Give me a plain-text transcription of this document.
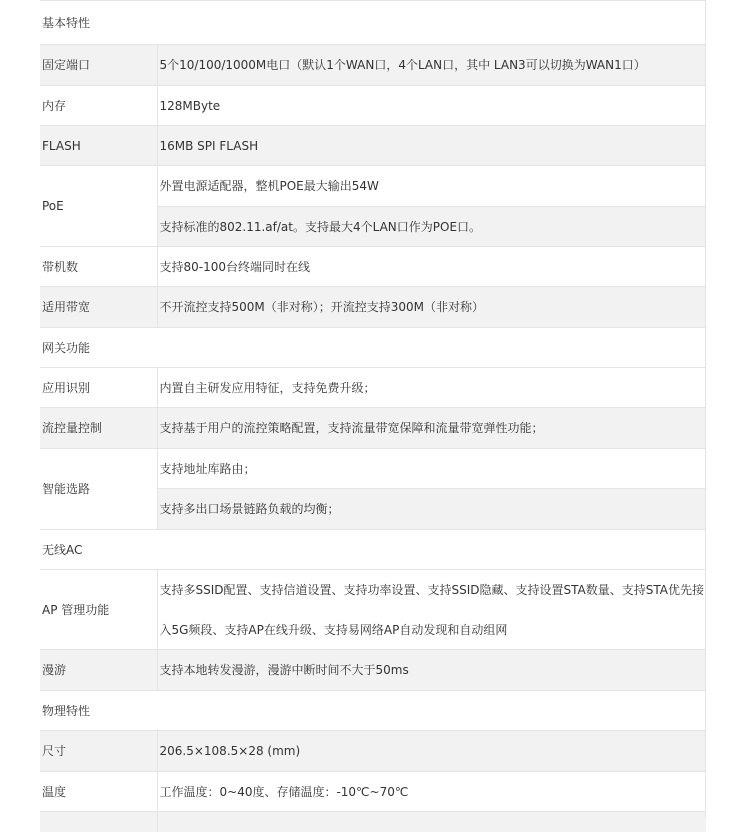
基本特性	
固定端口	5个10/100/1000M电口（默认1个WAN口，4个LAN口，其中 LAN3可以切换为WAN1口）
内存	128MByte
FLASH	16MB SPI FLASH
PoE	外置电源适配器，整机POE最大输出54W
	支持标准的802.11.af/at。支持最大4个LAN口作为POE口。
带机数	支持80-100台终端同时在线
适用带宽	不开流控支持500M（非对称）；开流控支持300M（非对称）
网关功能	
应用识别	内置自主研发应用特征，支持免费升级；
流控量控制	支持基于用户的流控策略配置，支持流量带宽保障和流量带宽弹性功能；
智能选路	支持地址库路由；
	支持多出口场景链路负载的均衡；
无线AC	
AP 管理功能	支持多SSID配置、支持信道设置、支持功率设置、支持SSID隐藏、支持设置STA数量、支持STA优先接
	入5G频段、支持AP在线升级、支持易网络AP自动发现和自动组网
漫游	支持本地转发漫游，漫游中断时间不大于50ms
物理特性	
尺寸	206.5×108.5×28 (mm)
温度	工作温度：0~40度、存储温度：-10℃~70℃
